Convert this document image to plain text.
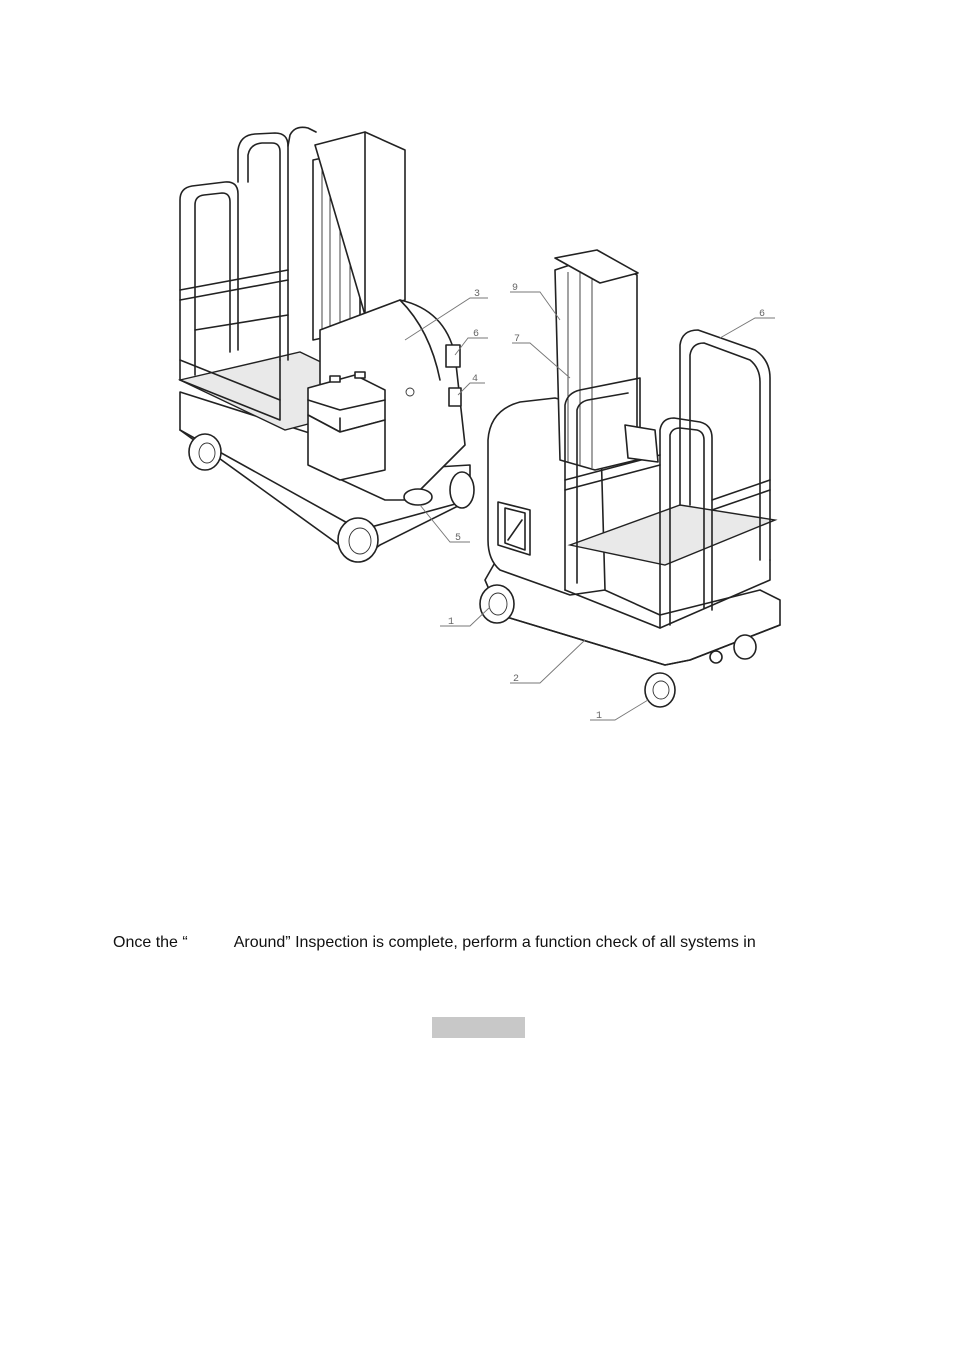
3
6
4
5
9
7
6
1
2
1
Once the “	Around” Inspection is complete, perform a function check of all systems in
